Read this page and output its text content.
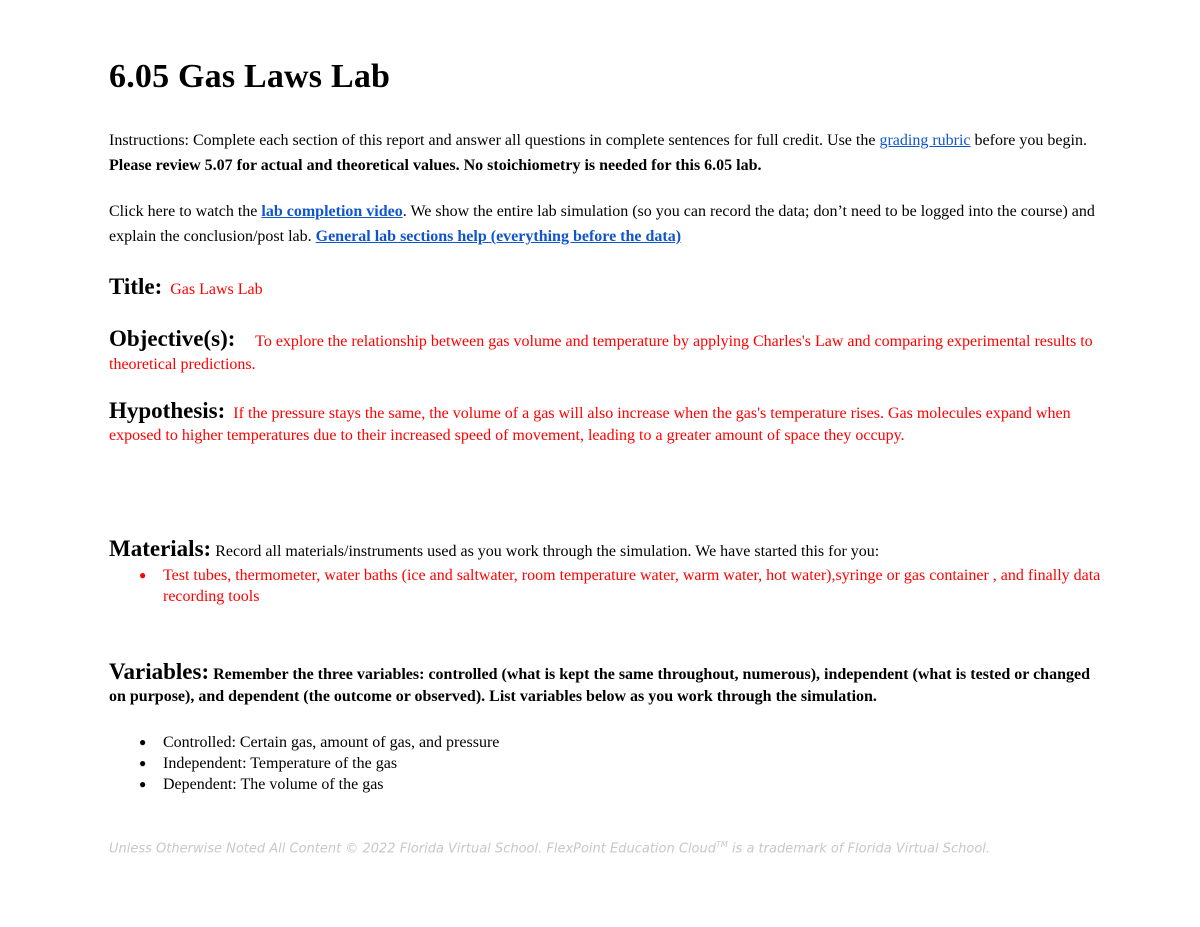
6.05 Gas Laws Lab

Instructions: Complete each section of this report and answer all questions in complete sentences for full credit. Use the grading rubric before you begin. Please review 5.07 for actual and theoretical values. No stoichiometry is needed for this 6.05 lab.

Click here to watch the lab completion video. We show the entire lab simulation (so you can record the data; don’t need to be logged into the course) and explain the conclusion/post lab. General lab sections help (everything before the data)

Title: Gas Laws Lab

Objective(s): To explore the relationship between gas volume and temperature by applying Charles's Law and comparing experimental results to theoretical predictions.

Hypothesis: If the pressure stays the same, the volume of a gas will also increase when the gas's temperature rises. Gas molecules expand when exposed to higher temperatures due to their increased speed of movement, leading to a greater amount of space they occupy.

Materials: Record all materials/instruments used as you work through the simulation. We have started this for you:

● Test tubes, thermometer, water baths (ice and saltwater, room temperature water, warm water, hot water),syringe or gas container , and finally data recording tools

Variables: Remember the three variables: controlled (what is kept the same throughout, numerous), independent (what is tested or changed on purpose), and dependent (the outcome or observed). List variables below as you work through the simulation.

● Controlled: Certain gas, amount of gas, and pressure
● Independent: Temperature of the gas
● Dependent: The volume of the gas
Unless Otherwise Noted All Content © 2022 Florida Virtual School. FlexPoint Education Cloud™ is a trademark of Florida Virtual School.
